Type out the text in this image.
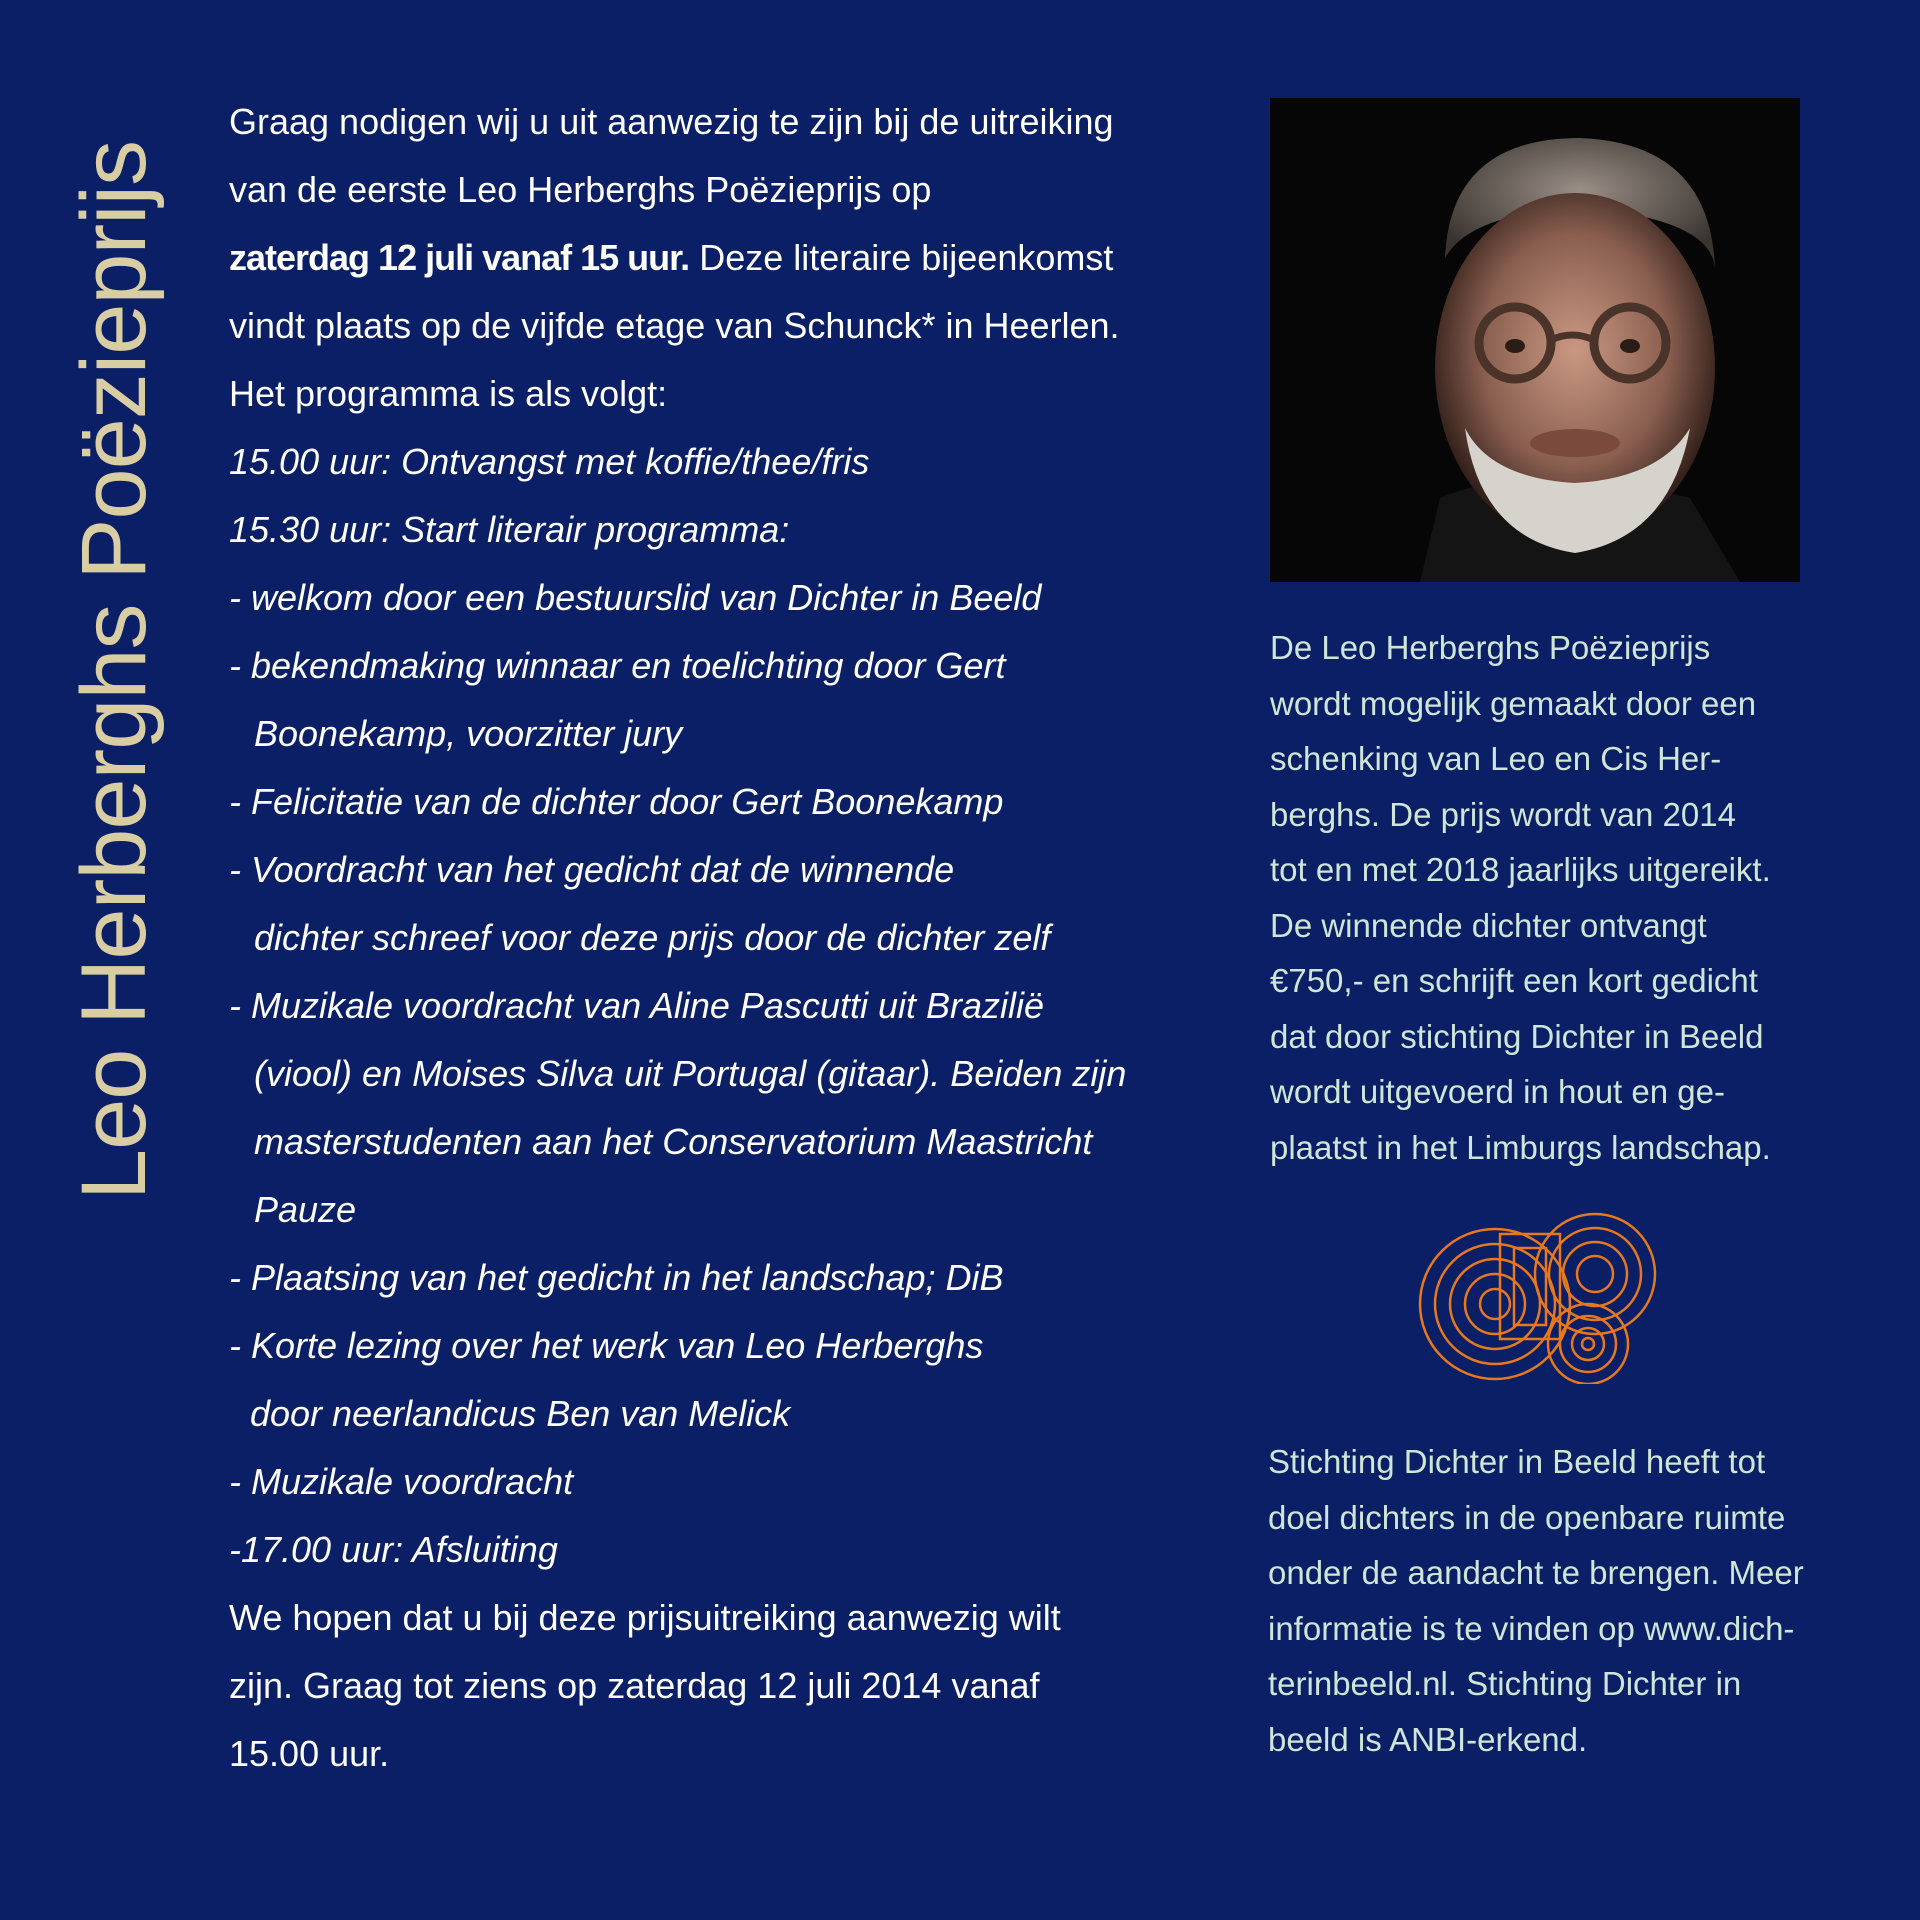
Leo Herberghs Poëzieprijs

Graag nodigen wij u uit aanwezig te zijn bij de uitreiking

van de eerste Leo Herberghs Poëzieprijs op

zaterdag 12 juli vanaf 15 uur. Deze literaire bijeenkomst

vindt plaats op de vijfde etage van Schunck* in Heerlen.

Het programma is als volgt:

15.00 uur: Ontvangst met koffie/thee/fris

15.30 uur: Start literair programma:

- welkom door een bestuurslid van Dichter in Beeld

- bekendmaking winnaar en toelichting door Gert

Boonekamp, voorzitter jury

- Felicitatie van de dichter door Gert Boonekamp

- Voordracht van het gedicht dat de winnende

dichter schreef voor deze prijs door de dichter zelf

- Muzikale voordracht van Aline Pascutti uit Brazilië

(viool) en Moises Silva uit Portugal (gitaar). Beiden zijn

masterstudenten aan het Conservatorium Maastricht

Pauze

- Plaatsing van het gedicht in het landschap; DiB

- Korte lezing over het werk van Leo Herberghs

door neerlandicus Ben van Melick

- Muzikale voordracht

-17.00 uur: Afsluiting

We hopen dat u bij deze prijsuitreiking aanwezig wilt

zijn. Graag tot ziens op zaterdag 12 juli 2014 vanaf

15.00 uur.

De Leo Herberghs Poëzieprijs

wordt mogelijk gemaakt door een

schenking van Leo en Cis Her-

berghs. De prijs wordt van 2014

tot en met 2018 jaarlijks uitgereikt.

De winnende dichter ontvangt

€750,- en schrijft een kort gedicht

dat door stichting Dichter in Beeld

wordt uitgevoerd in hout en ge-

plaatst in het Limburgs landschap.

Stichting Dichter in Beeld heeft tot

doel dichters in de openbare ruimte

onder de aandacht te brengen. Meer

informatie is te vinden op www.dich-

terinbeeld.nl. Stichting Dichter in

beeld is ANBI-erkend.
